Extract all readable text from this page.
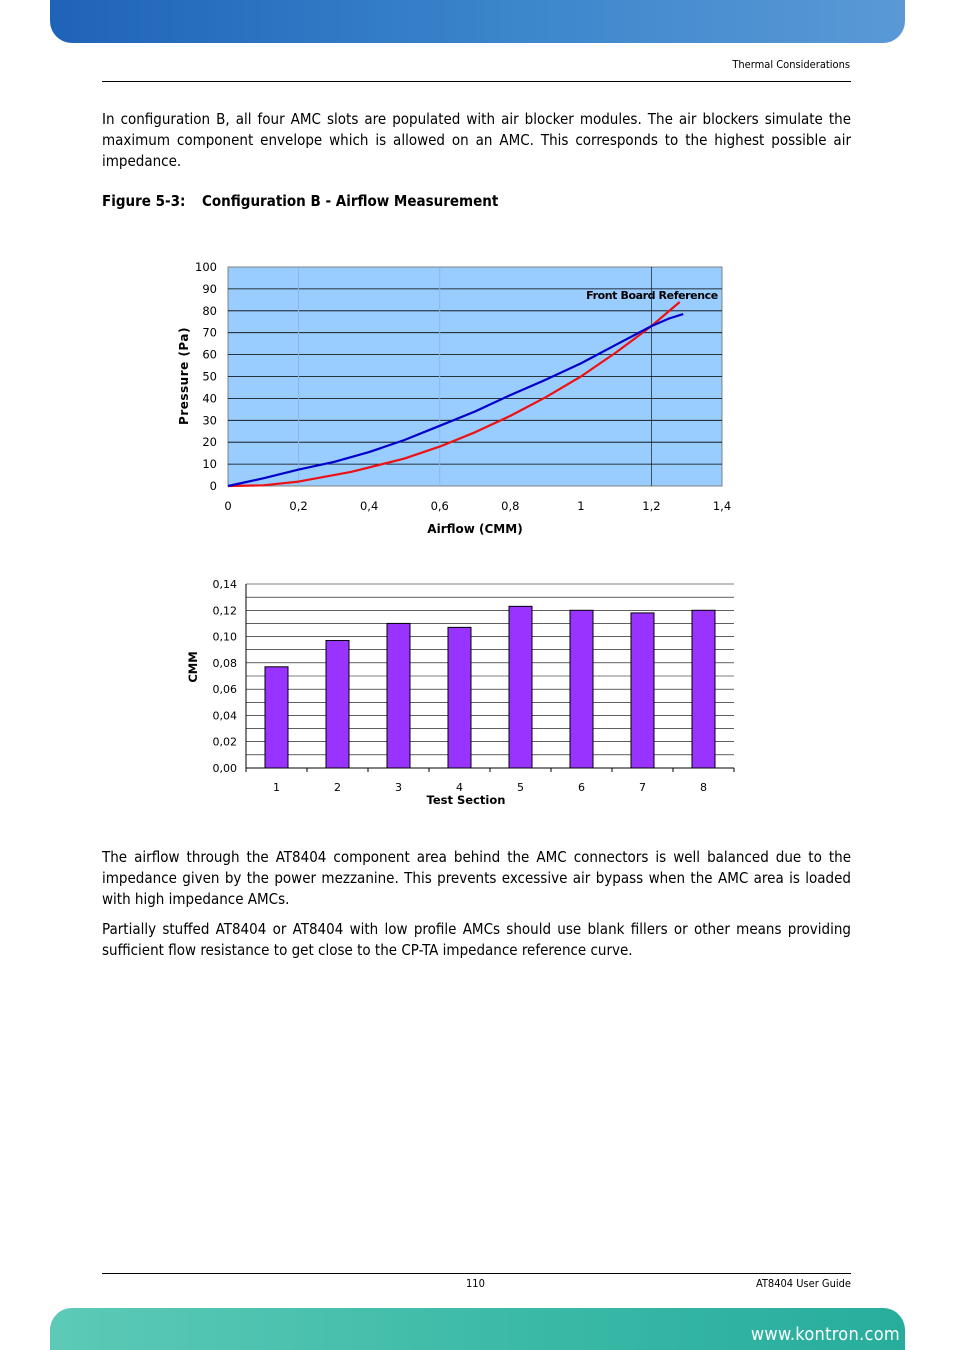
Thermal Considerations
In configuration B, all four AMC slots are populated with air blocker modules. The air blockers simulate the maximum component envelope which is allowed on an AMC. This corresponds to the highest possible air impedance.
Figure 5-3: Configuration B - Airflow Measurement
0
10
20
30
40
50
60
70
80
90
100
0	0,2	0,4	0,6	0,8	1	1,2	1,4
Front Board Reference
Airflow (CMM)
Pressure (Pa)
0,00
0,02
0,04
0,06
0,08
0,10
0,12
0,14
1	2	3	4	5	6	7	8
Test Section
CMM
The airflow through the AT8404 component area behind the AMC connectors is well balanced due to the impedance given by the power mezzanine. This prevents excessive air bypass when the AMC area is loaded with high impedance AMCs.
Partially stuffed AT8404 or AT8404 with low profile AMCs should use blank fillers or other means providing sufficient flow resistance to get close to the CP-TA impedance reference curve.
110	AT8404 User Guide
www.kontron.com
